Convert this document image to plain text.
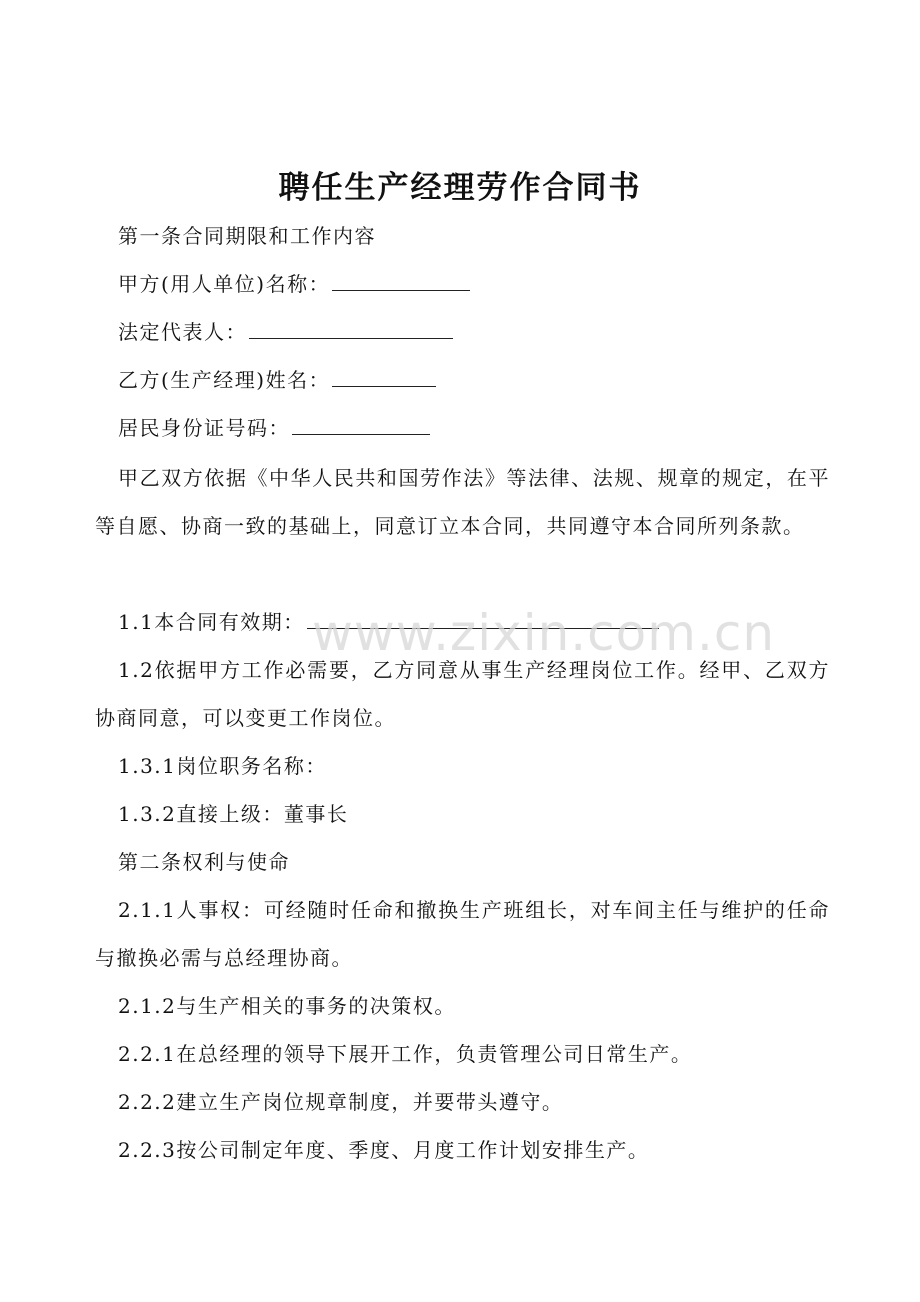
聘任生产经理劳作合同书
第一条合同期限和工作内容
甲方(用人单位)名称：
法定代表人：
乙方(生产经理)姓名：
居民身份证号码：

甲乙双方依据《中华人民共和国劳作法》等法律、法规、规章的规定，在平等自愿、协商一致的基础上，同意订立本合同，共同遵守本合同所列条款。

1.1本合同有效期：

1.2依据甲方工作必需要，乙方同意从事生产经理岗位工作。经甲、乙双方协商同意，可以变更工作岗位。

1.3.1岗位职务名称：
1.3.2直接上级：董事长
第二条权利与使命

2.1.1人事权：可经随时任命和撤换生产班组长，对车间主任与维护的任命与撤换必需与总经理协商。

2.1.2与生产相关的事务的决策权。
2.2.1在总经理的领导下展开工作，负责管理公司日常生产。
2.2.2建立生产岗位规章制度，并要带头遵守。
2.2.3按公司制定年度、季度、月度工作计划安排生产。
www.zixin.com.cn
